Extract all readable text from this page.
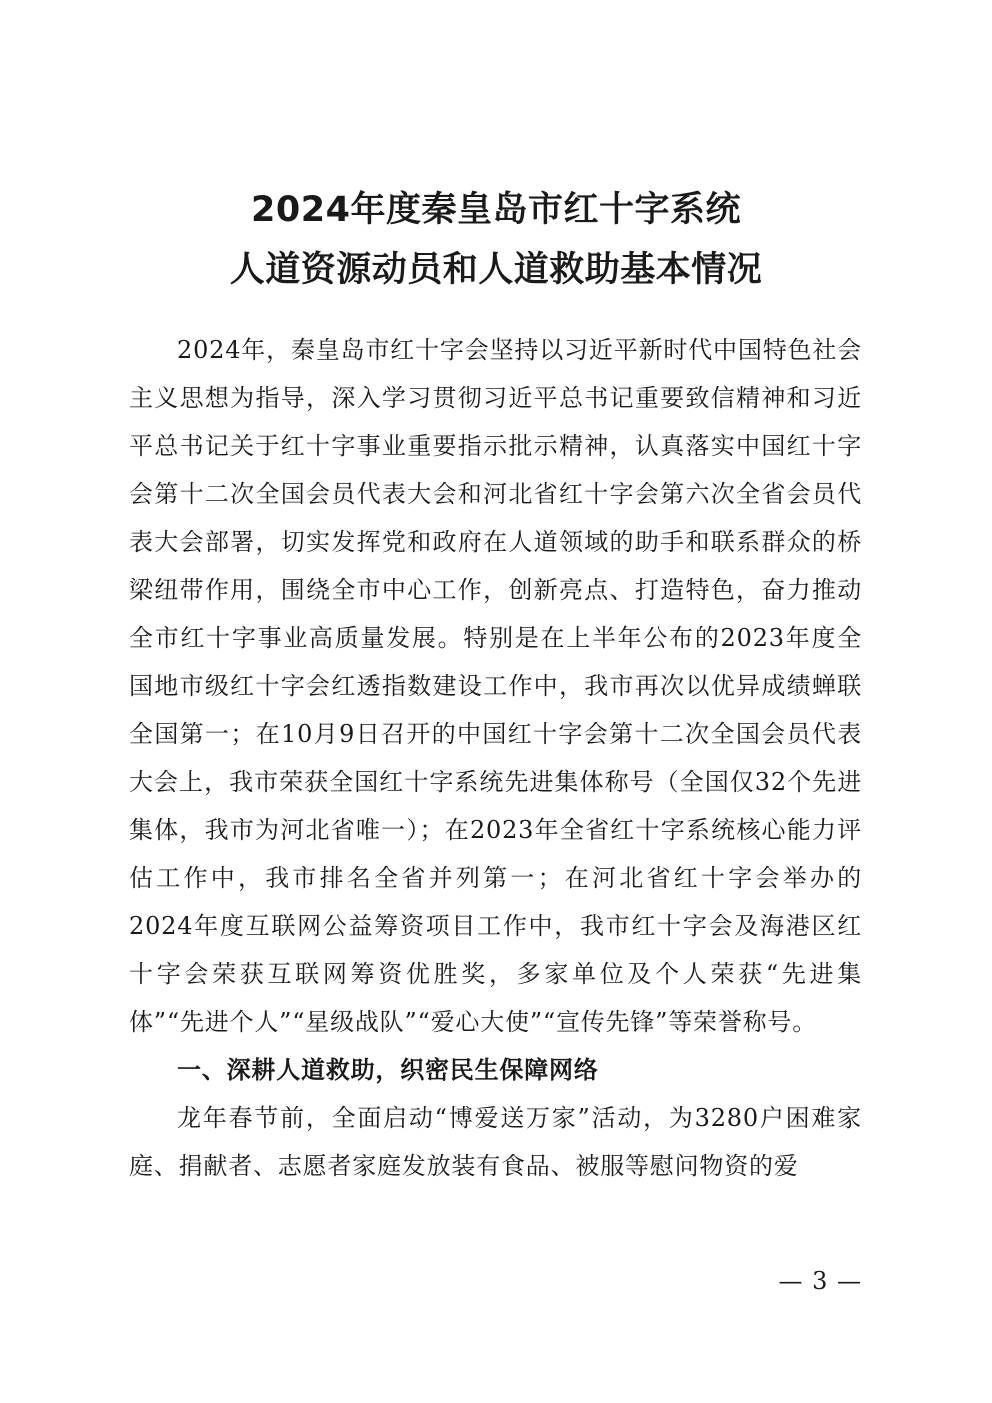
2024年度秦皇岛市红十字系统
人道资源动员和人道救助基本情况

2024年，秦皇岛市红十字会坚持以习近平新时代中国特色社会主义思想为指导，深入学习贯彻习近平总书记重要致信精神和习近平总书记关于红十字事业重要指示批示精神，认真落实中国红十字会第十二次全国会员代表大会和河北省红十字会第六次全省会员代表大会部署，切实发挥党和政府在人道领域的助手和联系群众的桥梁纽带作用，围绕全市中心工作，创新亮点、打造特色，奋力推动全市红十字事业高质量发展。特别是在上半年公布的2023年度全国地市级红十字会红透指数建设工作中，我市再次以优异成绩蝉联全国第一；在10月9日召开的中国红十字会第十二次全国会员代表大会上，我市荣获全国红十字系统先进集体称号（全国仅32个先进集体，我市为河北省唯一）；在2023年全省红十字系统核心能力评估工作中，我市排名全省并列第一；在河北省红十字会举办的2024年度互联网公益筹资项目工作中，我市红十字会及海港区红十字会荣获互联网筹资优胜奖，多家单位及个人荣获“先进集体”“先进个人”“星级战队”“爱心大使”“宣传先锋”等荣誉称号。

一、深耕人道救助，织密民生保障网络

龙年春节前，全面启动“博爱送万家”活动，为3280户困难家庭、捐献者、志愿者家庭发放装有食品、被服等慰问物资的爱

— 3 —
